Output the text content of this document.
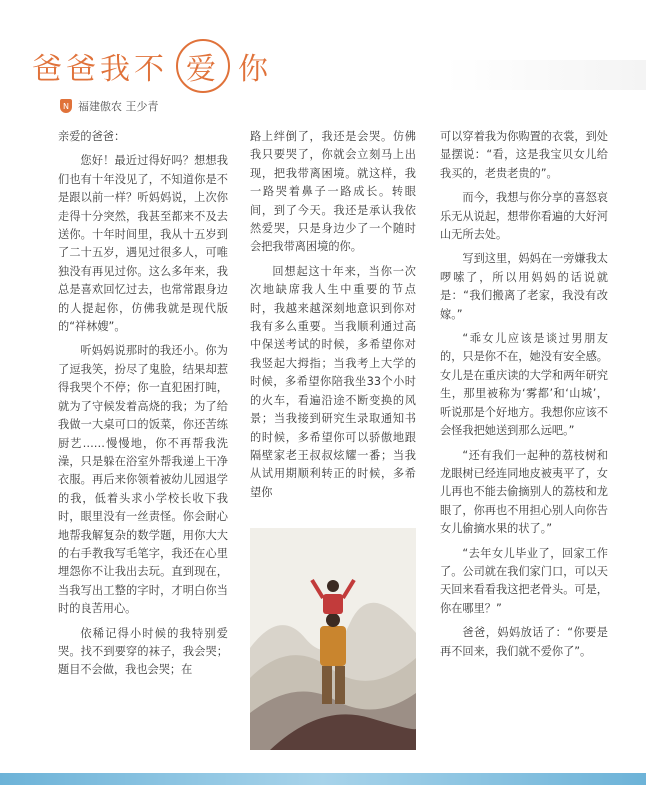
爸爸我不 爱 你
N 福建傲农 王少青

亲爱的爸爸：

您好！最近过得好吗？想想我们也有十年没见了，不知道你是不是跟以前一样？听妈妈说，上次你走得十分突然，我甚至都来不及去送你。十年时间里，我从十五岁到了二十五岁，遇见过很多人，可唯独没有再见过你。这么多年来，我总是喜欢回忆过去，也常常跟身边的人提起你，仿佛我就是现代版的“祥林嫂”。

听妈妈说那时的我还小。你为了逗我笑，扮尽了鬼脸，结果却惹得我哭个不停；你一直犯困打盹，就为了守候发着高烧的我；为了给我做一大桌可口的饭菜，你还苦练厨艺……慢慢地，你不再帮我洗澡，只是躲在浴室外帮我递上干净衣服。再后来你领着被幼儿园退学的我，低着头求小学校长收下我时，眼里没有一丝责怪。你会耐心地帮我解复杂的数学题，用你大大的右手教我写毛笔字，我还在心里埋怨你不让我出去玩。直到现在，当我写出工整的字时，才明白你当时的良苦用心。

依稀记得小时候的我特别爱哭。找不到要穿的袜子，我会哭；题目不会做，我也会哭；在

路上绊倒了，我还是会哭。仿佛我只要哭了，你就会立刻马上出现，把我带离困境。就这样，我一路哭着鼻子一路成长。转眼间，到了今天。我还是承认我依然爱哭，只是身边少了一个随时会把我带离困境的你。

回想起这十年来，当你一次次地缺席我人生中重要的节点时，我越来越深刻地意识到你对我有多么重要。当我顺利通过高中保送考试的时候，多希望你对我竖起大拇指；当我考上大学的时候，多希望你陪我坐33个小时的火车，看遍沿途不断变换的风景；当我接到研究生录取通知书的时候，多希望你可以骄傲地跟隔壁家老王叔叔炫耀一番；当我从试用期顺利转正的时候，多希望你

可以穿着我为你购置的衣裳，到处显摆说：“看，这是我宝贝女儿给我买的，老贵老贵的”。

而今，我想与你分享的喜怒哀乐无从说起，想带你看遍的大好河山无所去处。

写到这里，妈妈在一旁嫌我太啰嗦了，所以用妈妈的话说就是：“我们搬离了老家，我没有改嫁。”

“乖女儿应该是谈过男朋友的，只是你不在，她没有安全感。女儿是在重庆读的大学和两年研究生，那里被称为‘雾都’和‘山城’，听说那是个好地方。我想你应该不会怪我把她送到那么远吧。”

“还有我们一起种的荔枝树和龙眼树已经连同地皮被夷平了，女儿再也不能去偷摘别人的荔枝和龙眼了，你再也不用担心别人向你告女儿偷摘水果的状了。”

“去年女儿毕业了，回家工作了。公司就在我们家门口，可以天天回来看看我这把老骨头。可是，你在哪里？”

爸爸，妈妈放话了：“你要是再不回来，我们就不爱你了”。
